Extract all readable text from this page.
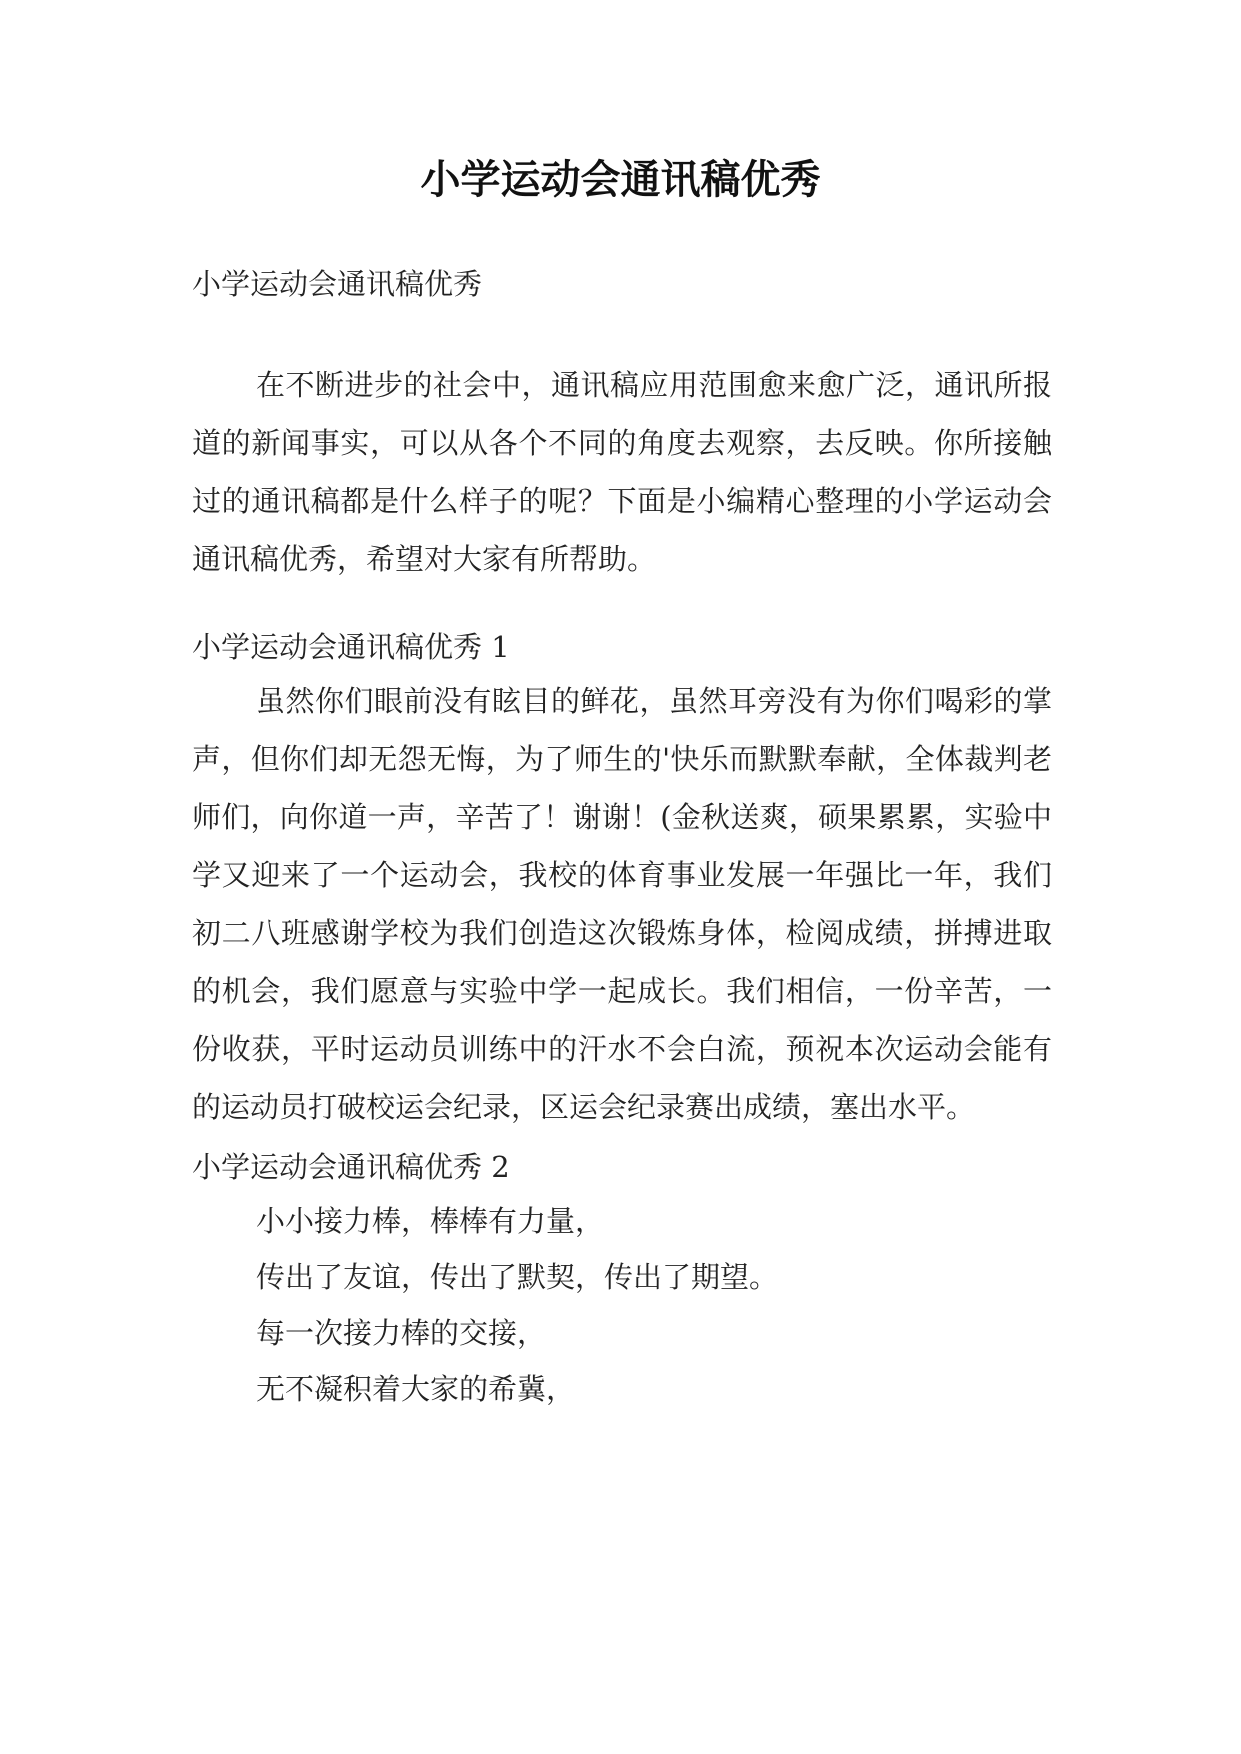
小学运动会通讯稿优秀

小学运动会通讯稿优秀

在不断进步的社会中，通讯稿应用范围愈来愈广泛，通讯所报道的新闻事实，可以从各个不同的角度去观察，去反映。你所接触过的通讯稿都是什么样子的呢？下面是小编精心整理的小学运动会通讯稿优秀，希望对大家有所帮助。

小学运动会通讯稿优秀 1

虽然你们眼前没有眩目的鲜花，虽然耳旁没有为你们喝彩的掌声，但你们却无怨无悔，为了师生的'快乐而默默奉献，全体裁判老师们，向你道一声，辛苦了！谢谢！(金秋送爽，硕果累累，实验中学又迎来了一个运动会，我校的体育事业发展一年强比一年，我们初二八班感谢学校为我们创造这次锻炼身体，检阅成绩，拼搏进取的机会，我们愿意与实验中学一起成长。我们相信，一份辛苦，一份收获，平时运动员训练中的汗水不会白流，预祝本次运动会能有的运动员打破校运会纪录，区运会纪录赛出成绩，塞出水平。

小学运动会通讯稿优秀 2

小小接力棒，棒棒有力量，

传出了友谊，传出了默契，传出了期望。

每一次接力棒的交接，

无不凝积着大家的希冀，
